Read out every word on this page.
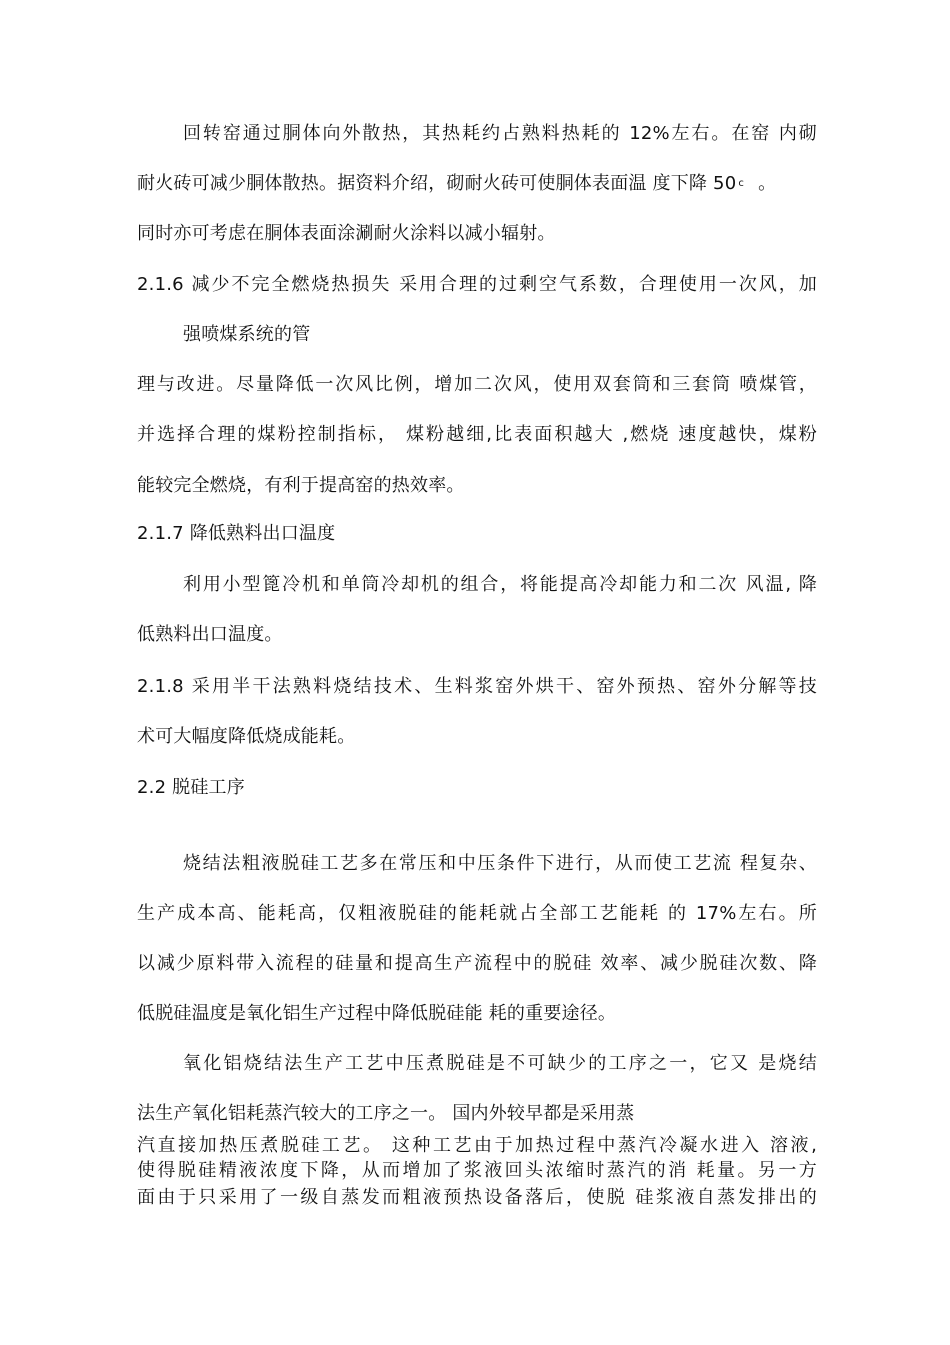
回转窑通过胴体向外散热，其热耗约占熟料热耗的 12%左右。在窑 内砌
耐火砖可减少胴体散热。据资料介绍，砌耐火砖可使胴体表面温 度下降 50 c 。
同时亦可考虑在胴体表面涂涮耐火涂料以减小辐射。
2.1.6 减少不完全燃烧热损失 采用合理的过剩空气系数，合理使用一次风，加
强喷煤系统的管
理与改进。尽量降低一次风比例，增加二次风，使用双套筒和三套筒 喷煤管，
并选择合理的煤粉控制指标， 煤粉越细,比表面积越大 ,燃烧 速度越快，煤粉
能较完全燃烧，有利于提高窑的热效率。
2.1.7 降低熟料出口温度
利用小型篦冷机和单筒冷却机的组合，将能提高冷却能力和二次 风温, 降
低熟料出口温度。
2.1.8 采用半干法熟料烧结技术、生料浆窑外烘干、窑外预热、窑外分解等技
术可大幅度降低烧成能耗。
2.2 脱硅工序
烧结法粗液脱硅工艺多在常压和中压条件下进行，从而使工艺流 程复杂、
生产成本高、能耗高，仅粗液脱硅的能耗就占全部工艺能耗 的 17%左右。所
以减少原料带入流程的硅量和提高生产流程中的脱硅 效率、减少脱硅次数、降
低脱硅温度是氧化铝生产过程中降低脱硅能 耗的重要途径。
氧化铝烧结法生产工艺中压煮脱硅是不可缺少的工序之一，它又 是烧结
法生产氧化铝耗蒸汽较大的工序之一。 国内外较早都是采用蒸
汽直接加热压煮脱硅工艺。 这种工艺由于加热过程中蒸汽冷凝水进入 溶液,
使得脱硅精液浓度下降，从而增加了浆液回头浓缩时蒸汽的消 耗量。另一方
面由于只采用了一级自蒸发而粗液预热设备落后，使脱 硅浆液自蒸发排出的
